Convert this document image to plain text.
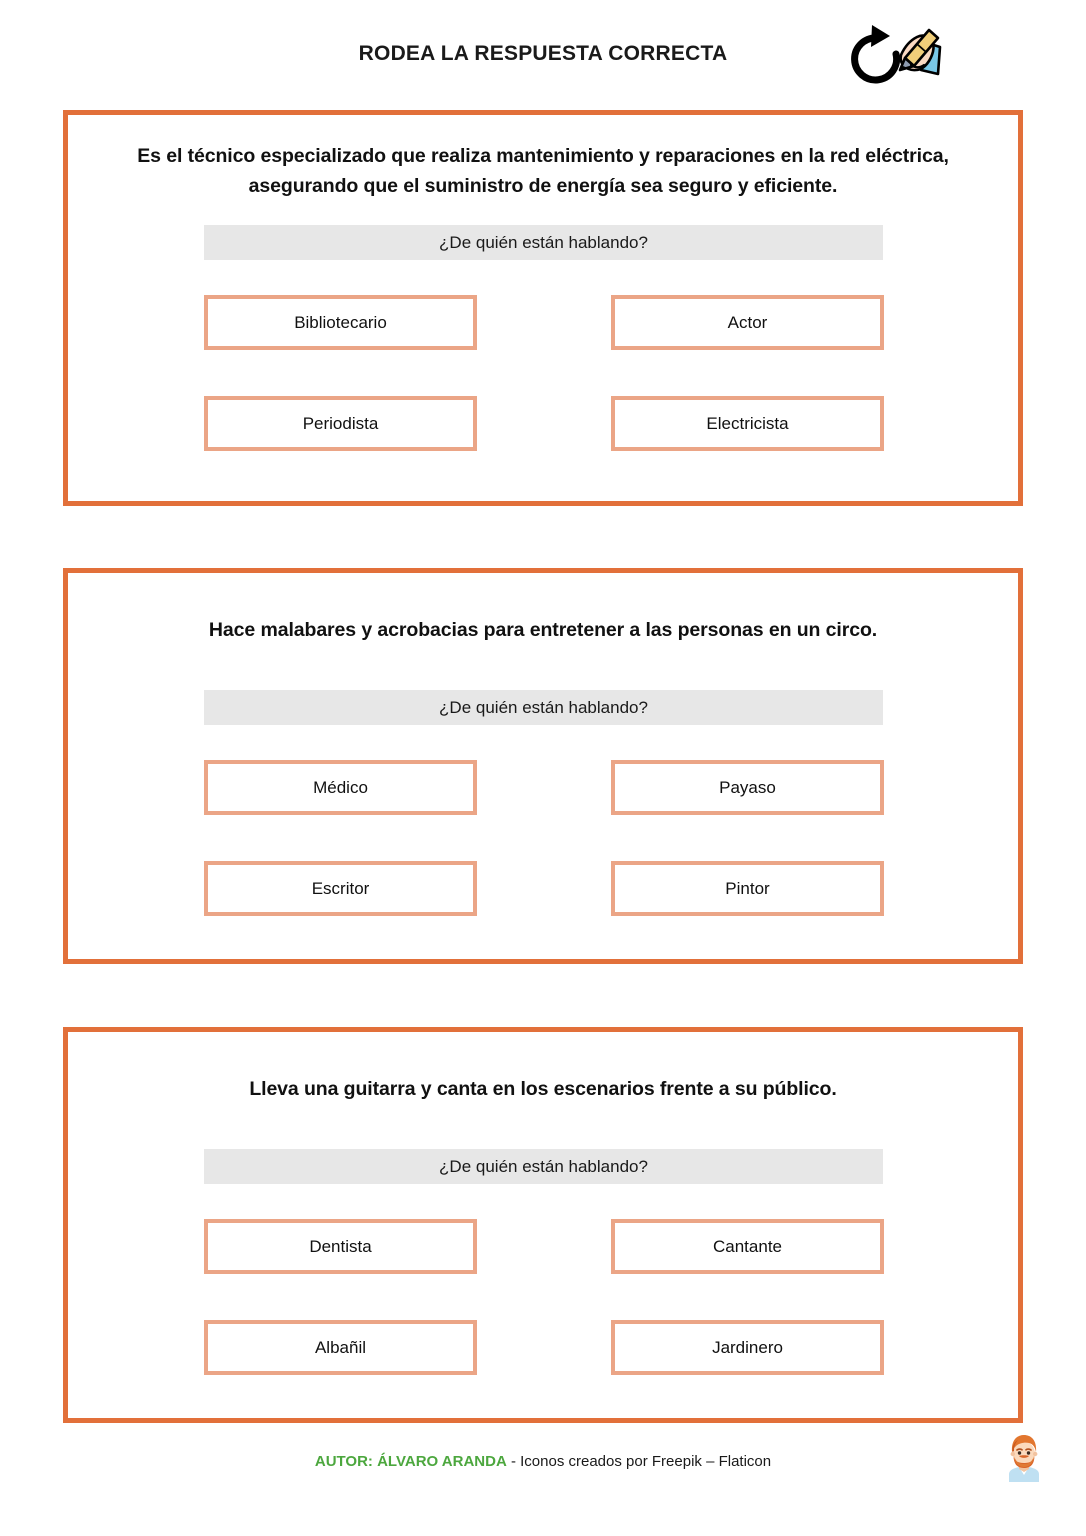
RODEA LA RESPUESTA CORRECTA
Es el técnico especializado que realiza mantenimiento y reparaciones en la red eléctrica, asegurando que el suministro de energía sea seguro y eficiente.
¿De quién están hablando?
Bibliotecario	Actor
Periodista	Electricista
Hace malabares y acrobacias para entretener a las personas en un circo.
¿De quién están hablando?
Médico	Payaso
Escritor	Pintor
Lleva una guitarra y canta en los escenarios frente a su público.
¿De quién están hablando?
Dentista	Cantante
Albañil	Jardinero
AUTOR: ÁLVARO ARANDA - Iconos creados por Freepik – Flaticon
